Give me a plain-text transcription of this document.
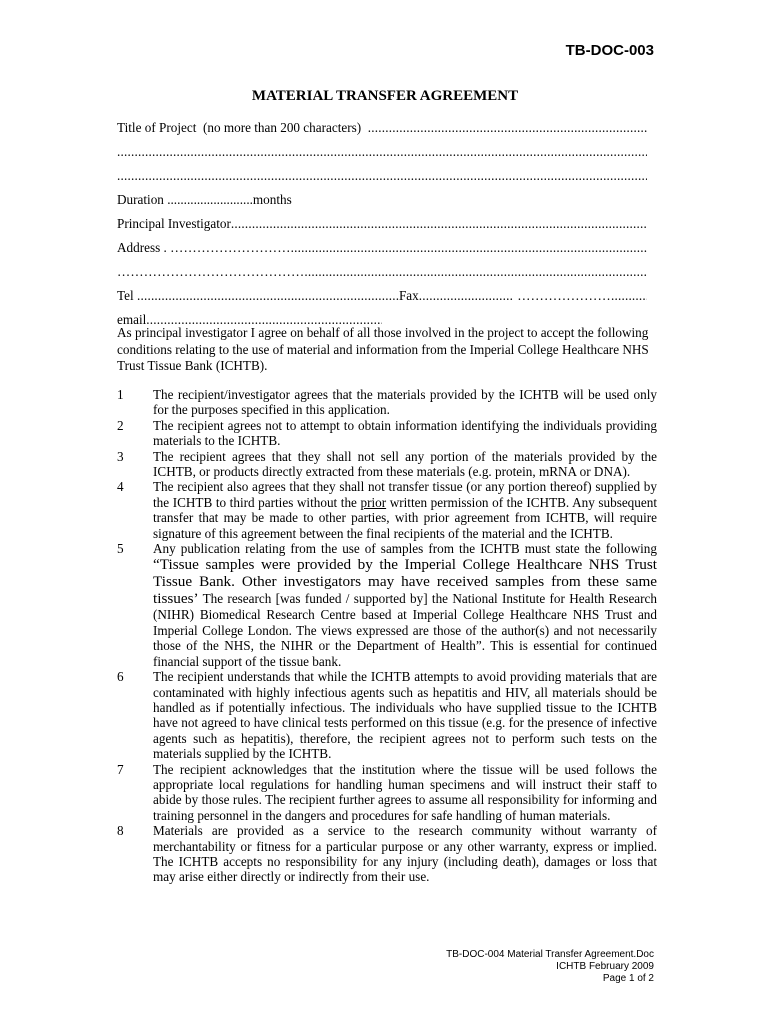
TB-DOC-003
MATERIAL TRANSFER AGREEMENT
Title of Project  (no more than 200 characters)
.....
.....
.....
Duration .......................... months
Principal Investigator
.....
Address . ……………………….
.....
…………………………………….
.....
Tel .....	Fax .....	………………….
.....
email
.....
As principal investigator I agree on behalf of all those involved in the project to accept the following conditions relating to the use of material and information from the Imperial College Healthcare NHS Trust Tissue Bank (ICHTB).
1	The recipient/investigator agrees that the materials provided by the ICHTB will be used only for the purposes specified in this application.
2	The recipient agrees not to attempt to obtain information identifying the individuals providing materials to the ICHTB.
3	The recipient agrees that they shall not sell any portion of the materials provided by the ICHTB, or products directly extracted from these materials (e.g. protein, mRNA or DNA).
4	The recipient also agrees that they shall not transfer tissue (or any portion thereof) supplied by the ICHTB to third parties without the prior written permission of the ICHTB. Any subsequent transfer that may be made to other parties, with prior agreement from ICHTB, will require signature of this agreement between the final recipients of the material and the ICHTB.
5	Any publication relating from the use of samples from the ICHTB must state the following “Tissue samples were provided by the Imperial College Healthcare NHS Trust Tissue Bank. Other investigators may have received samples from these same tissues’ The research [was funded / supported by] the National Institute for Health Research (NIHR) Biomedical Research Centre based at Imperial College Healthcare NHS Trust and Imperial College London. The views expressed are those of the author(s) and not necessarily those of the NHS, the NIHR or the Department of Health”. This is essential for continued financial support of the tissue bank.
6	The recipient understands that while the ICHTB attempts to avoid providing materials that are contaminated with highly infectious agents such as hepatitis and HIV, all materials should be handled as if potentially infectious. The individuals who have supplied tissue to the ICHTB have not agreed to have clinical tests performed on this tissue (e.g. for the presence of infective agents such as hepatitis), therefore, the recipient agrees not to perform such tests on the materials supplied by the ICHTB.
7	The recipient acknowledges that the institution where the tissue will be used follows the appropriate local regulations for handling human specimens and will instruct their staff to abide by those rules. The recipient further agrees to assume all responsibility for informing and training personnel in the dangers and procedures for safe handling of human materials.
8	Materials are provided as a service to the research community without warranty of merchantability or fitness for a particular purpose or any other warranty, express or implied. The ICHTB accepts no responsibility for any injury (including death), damages or loss that may arise either directly or indirectly from their use.
TB-DOC-004 Material Transfer Agreement.Doc
ICHTB February 2009
Page 1 of 2
